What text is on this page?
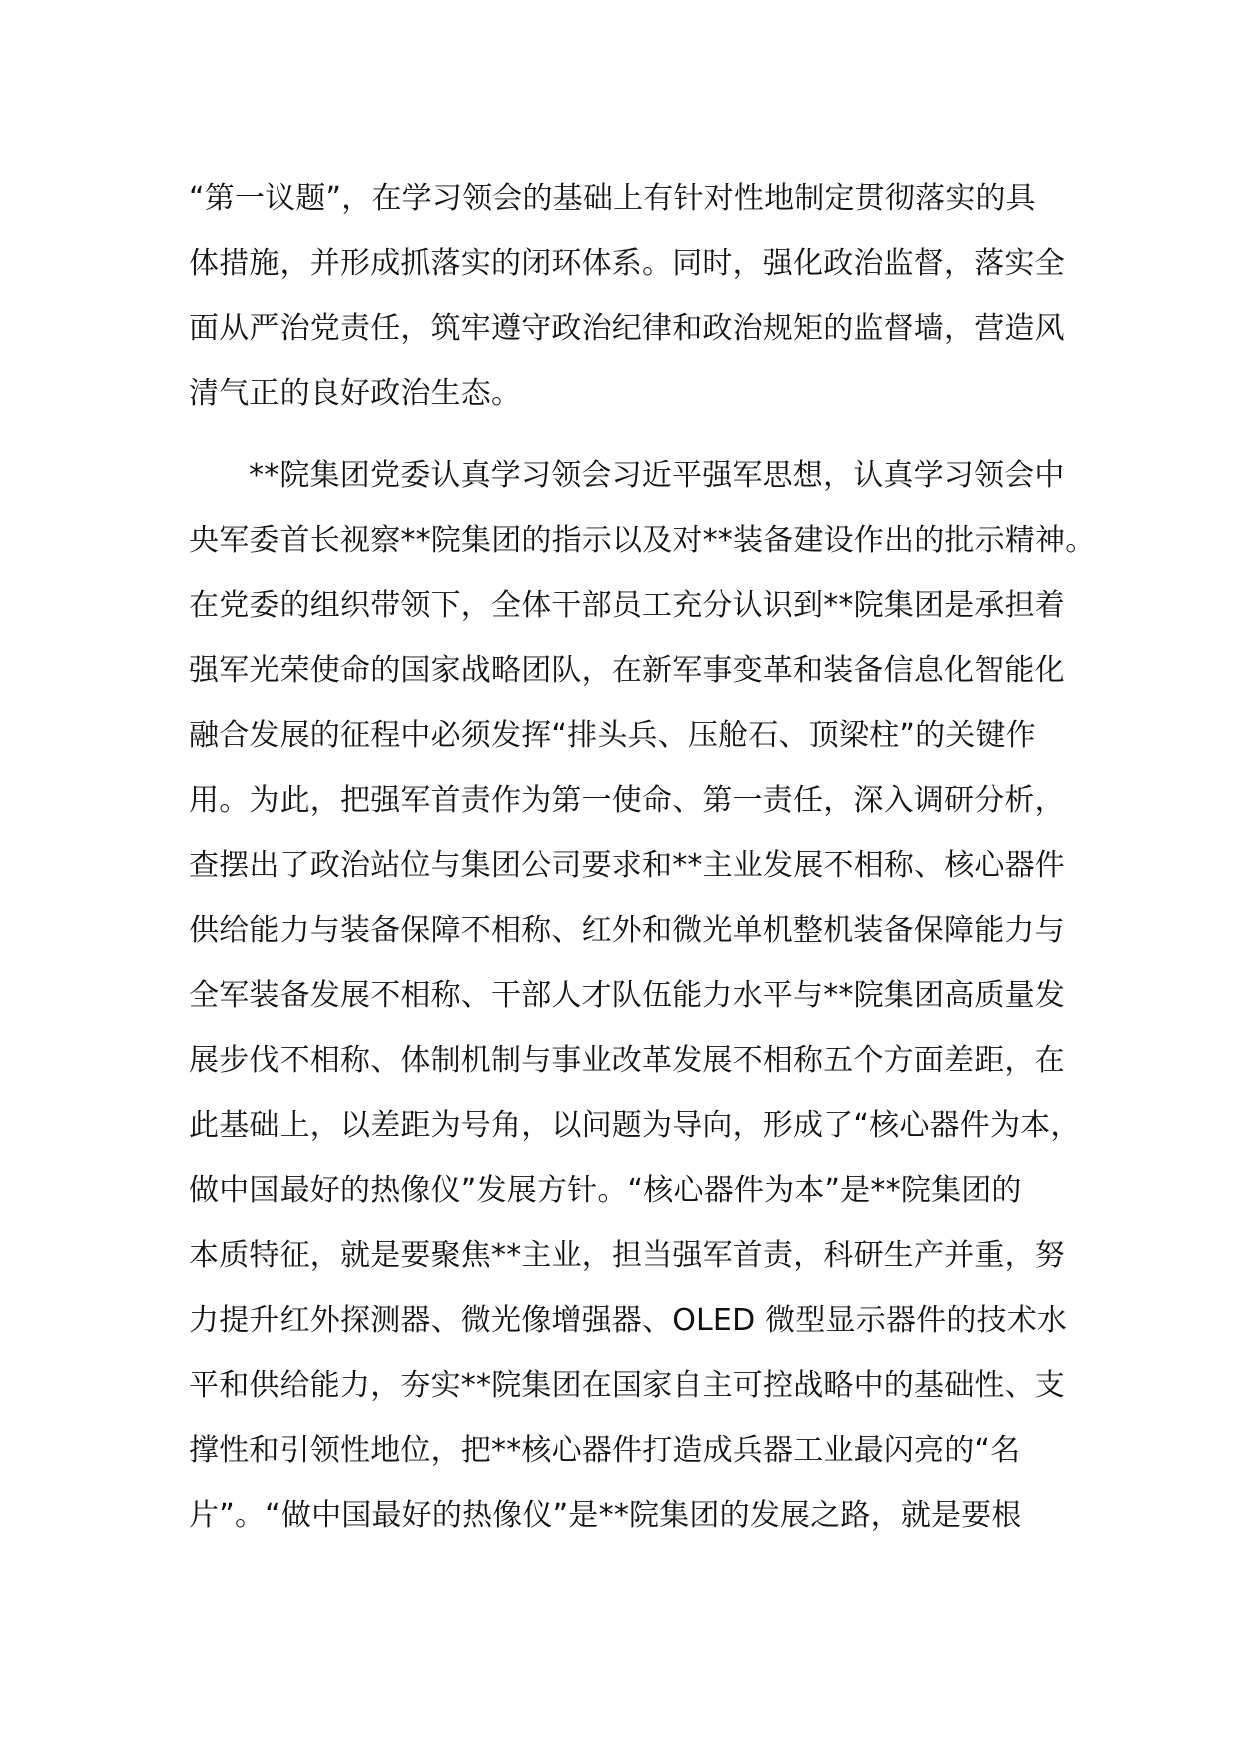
“第一议题”，在学习领会的基础上有针对性地制定贯彻落实的具
体措施，并形成抓落实的闭环体系。同时，强化政治监督，落实全
面从严治党责任，筑牢遵守政治纪律和政治规矩的监督墙，营造风
清气正的良好政治生态。
**院集团党委认真学习领会习近平强军思想，认真学习领会中
央军委首长视察**院集团的指示以及对**装备建设作出的批示精神。
在党委的组织带领下，全体干部员工充分认识到**院集团是承担着
强军光荣使命的国家战略团队，在新军事变革和装备信息化智能化
融合发展的征程中必须发挥“排头兵、压舱石、顶梁柱”的关键作
用。为此，把强军首责作为第一使命、第一责任，深入调研分析，
查摆出了政治站位与集团公司要求和**主业发展不相称、核心器件
供给能力与装备保障不相称、红外和微光单机整机装备保障能力与
全军装备发展不相称、干部人才队伍能力水平与**院集团高质量发
展步伐不相称、体制机制与事业改革发展不相称五个方面差距，在
此基础上，以差距为号角，以问题为导向，形成了“核心器件为本，
做中国最好的热像仪”发展方针。“核心器件为本”是**院集团的
本质特征，就是要聚焦**主业，担当强军首责，科研生产并重，努
力提升红外探测器、微光像增强器、OLED 微型显示器件的技术水
平和供给能力，夯实**院集团在国家自主可控战略中的基础性、支
撑性和引领性地位，把**核心器件打造成兵器工业最闪亮的“名
片”。“做中国最好的热像仪”是**院集团的发展之路，就是要根
